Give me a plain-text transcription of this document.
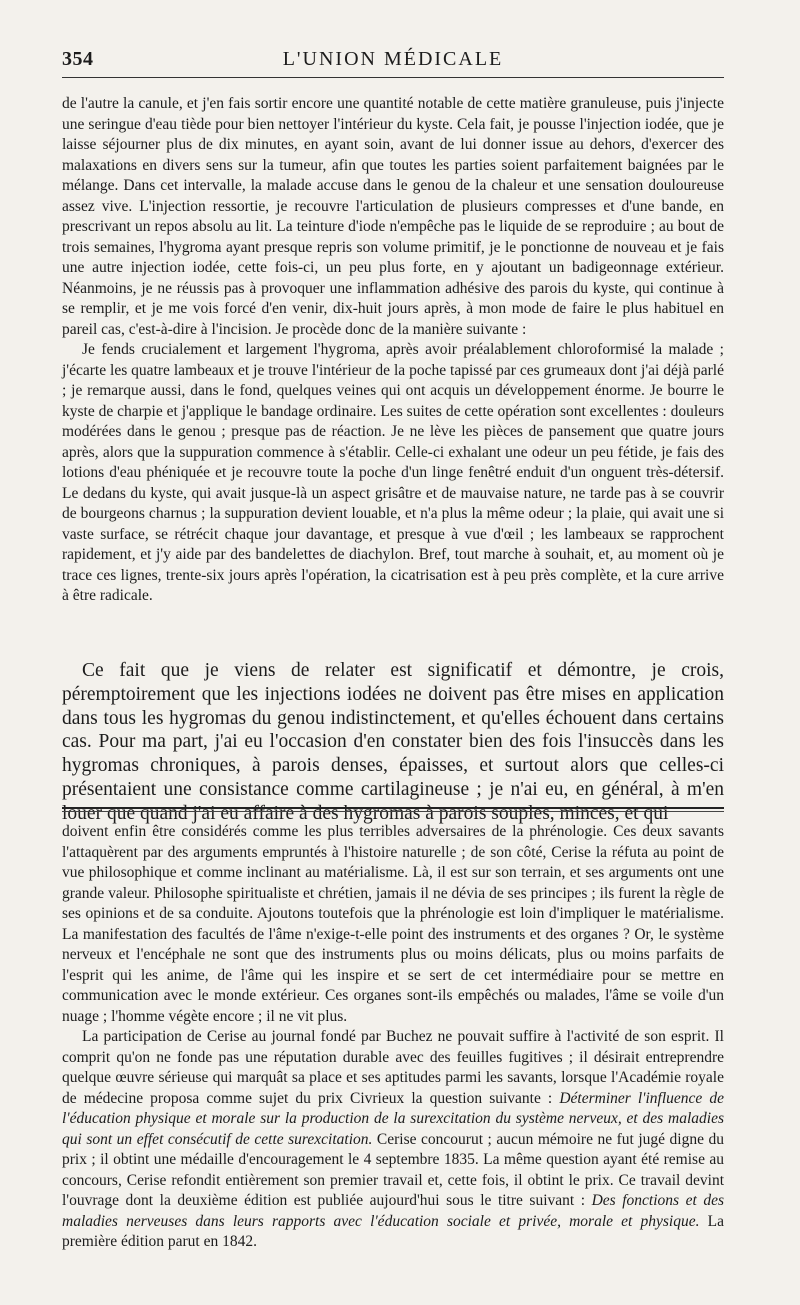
354	L'UNION MÉDICALE

de l'autre la canule, et j'en fais sortir encore une quantité notable de cette matière granuleuse, puis j'injecte une seringue d'eau tiède pour bien nettoyer l'intérieur du kyste. Cela fait, je pousse l'injection iodée, que je laisse séjourner plus de dix minutes, en ayant soin, avant de lui donner issue au dehors, d'exercer des malaxations en divers sens sur la tumeur, afin que toutes les parties soient parfaitement baignées par le mélange. Dans cet intervalle, la malade accuse dans le genou de la chaleur et une sensation douloureuse assez vive. L'injection ressortie, je recouvre l'articulation de plusieurs compresses et d'une bande, en prescrivant un repos absolu au lit. La teinture d'iode n'empêche pas le liquide de se reproduire ; au bout de trois semaines, l'hygroma ayant presque repris son volume primitif, je le ponctionne de nouveau et je fais une autre injection iodée, cette fois-ci, un peu plus forte, en y ajoutant un badigeonnage extérieur. Néanmoins, je ne réussis pas à provoquer une inflammation adhésive des parois du kyste, qui continue à se remplir, et je me vois forcé d'en venir, dix-huit jours après, à mon mode de faire le plus habituel en pareil cas, c'est-à-dire à l'incision. Je procède donc de la manière suivante :

Je fends crucialement et largement l'hygroma, après avoir préalablement chloroformisé la malade ; j'écarte les quatre lambeaux et je trouve l'intérieur de la poche tapissé par ces grumeaux dont j'ai déjà parlé ; je remarque aussi, dans le fond, quelques veines qui ont acquis un développement énorme. Je bourre le kyste de charpie et j'applique le bandage ordinaire. Les suites de cette opération sont excellentes : douleurs modérées dans le genou ; presque pas de réaction. Je ne lève les pièces de pansement que quatre jours après, alors que la suppuration commence à s'établir. Celle-ci exhalant une odeur un peu fétide, je fais des lotions d'eau phéniquée et je recouvre toute la poche d'un linge fenêtré enduit d'un onguent très-détersif. Le dedans du kyste, qui avait jusque-là un aspect grisâtre et de mauvaise nature, ne tarde pas à se couvrir de bourgeons charnus ; la suppuration devient louable, et n'a plus la même odeur ; la plaie, qui avait une si vaste surface, se rétrécit chaque jour davantage, et presque à vue d'œil ; les lambeaux se rapprochent rapidement, et j'y aide par des bandelettes de diachylon. Bref, tout marche à souhait, et, au moment où je trace ces lignes, trente-six jours après l'opération, la cicatrisation est à peu près complète, et la cure arrive à être radicale.

Ce fait que je viens de relater est significatif et démontre, je crois, péremptoirement que les injections iodées ne doivent pas être mises en application dans tous les hygromas du genou indistinctement, et qu'elles échouent dans certains cas. Pour ma part, j'ai eu l'occasion d'en constater bien des fois l'insuccès dans les hygromas chroniques, à parois denses, épaisses, et surtout alors que celles-ci présentaient une consistance comme cartilagineuse ; je n'ai eu, en général, à m'en louer que quand j'ai eu affaire à des hygromas à parois souples, minces, et qui

doivent enfin être considérés comme les plus terribles adversaires de la phrénologie. Ces deux savants l'attaquèrent par des arguments empruntés à l'histoire naturelle ; de son côté, Cerise la réfuta au point de vue philosophique et comme inclinant au matérialisme. Là, il est sur son terrain, et ses arguments ont une grande valeur. Philosophe spiritualiste et chrétien, jamais il ne dévia de ses principes ; ils furent la règle de ses opinions et de sa conduite. Ajoutons toutefois que la phrénologie est loin d'impliquer le matérialisme. La manifestation des facultés de l'âme n'exige-t-elle point des instruments et des organes ? Or, le système nerveux et l'encéphale ne sont que des instruments plus ou moins délicats, plus ou moins parfaits de l'esprit qui les anime, de l'âme qui les inspire et se sert de cet intermédiaire pour se mettre en communication avec le monde extérieur. Ces organes sont-ils empêchés ou malades, l'âme se voile d'un nuage ; l'homme végète encore ; il ne vit plus.

La participation de Cerise au journal fondé par Buchez ne pouvait suffire à l'activité de son esprit. Il comprit qu'on ne fonde pas une réputation durable avec des feuilles fugitives ; il désirait entreprendre quelque œuvre sérieuse qui marquât sa place et ses aptitudes parmi les savants, lorsque l'Académie royale de médecine proposa comme sujet du prix Civrieux la question suivante : Déterminer l'influence de l'éducation physique et morale sur la production de la surexcitation du système nerveux, et des maladies qui sont un effet consécutif de cette surexcitation. Cerise concourut ; aucun mémoire ne fut jugé digne du prix ; il obtint une médaille d'encouragement le 4 septembre 1835. La même question ayant été remise au concours, Cerise refondit entièrement son premier travail et, cette fois, il obtint le prix. Ce travail devint l'ouvrage dont la deuxième édition est publiée aujourd'hui sous le titre suivant : Des fonctions et des maladies nerveuses dans leurs rapports avec l'éducation sociale et privée, morale et physique. La première édition parut en 1842.
